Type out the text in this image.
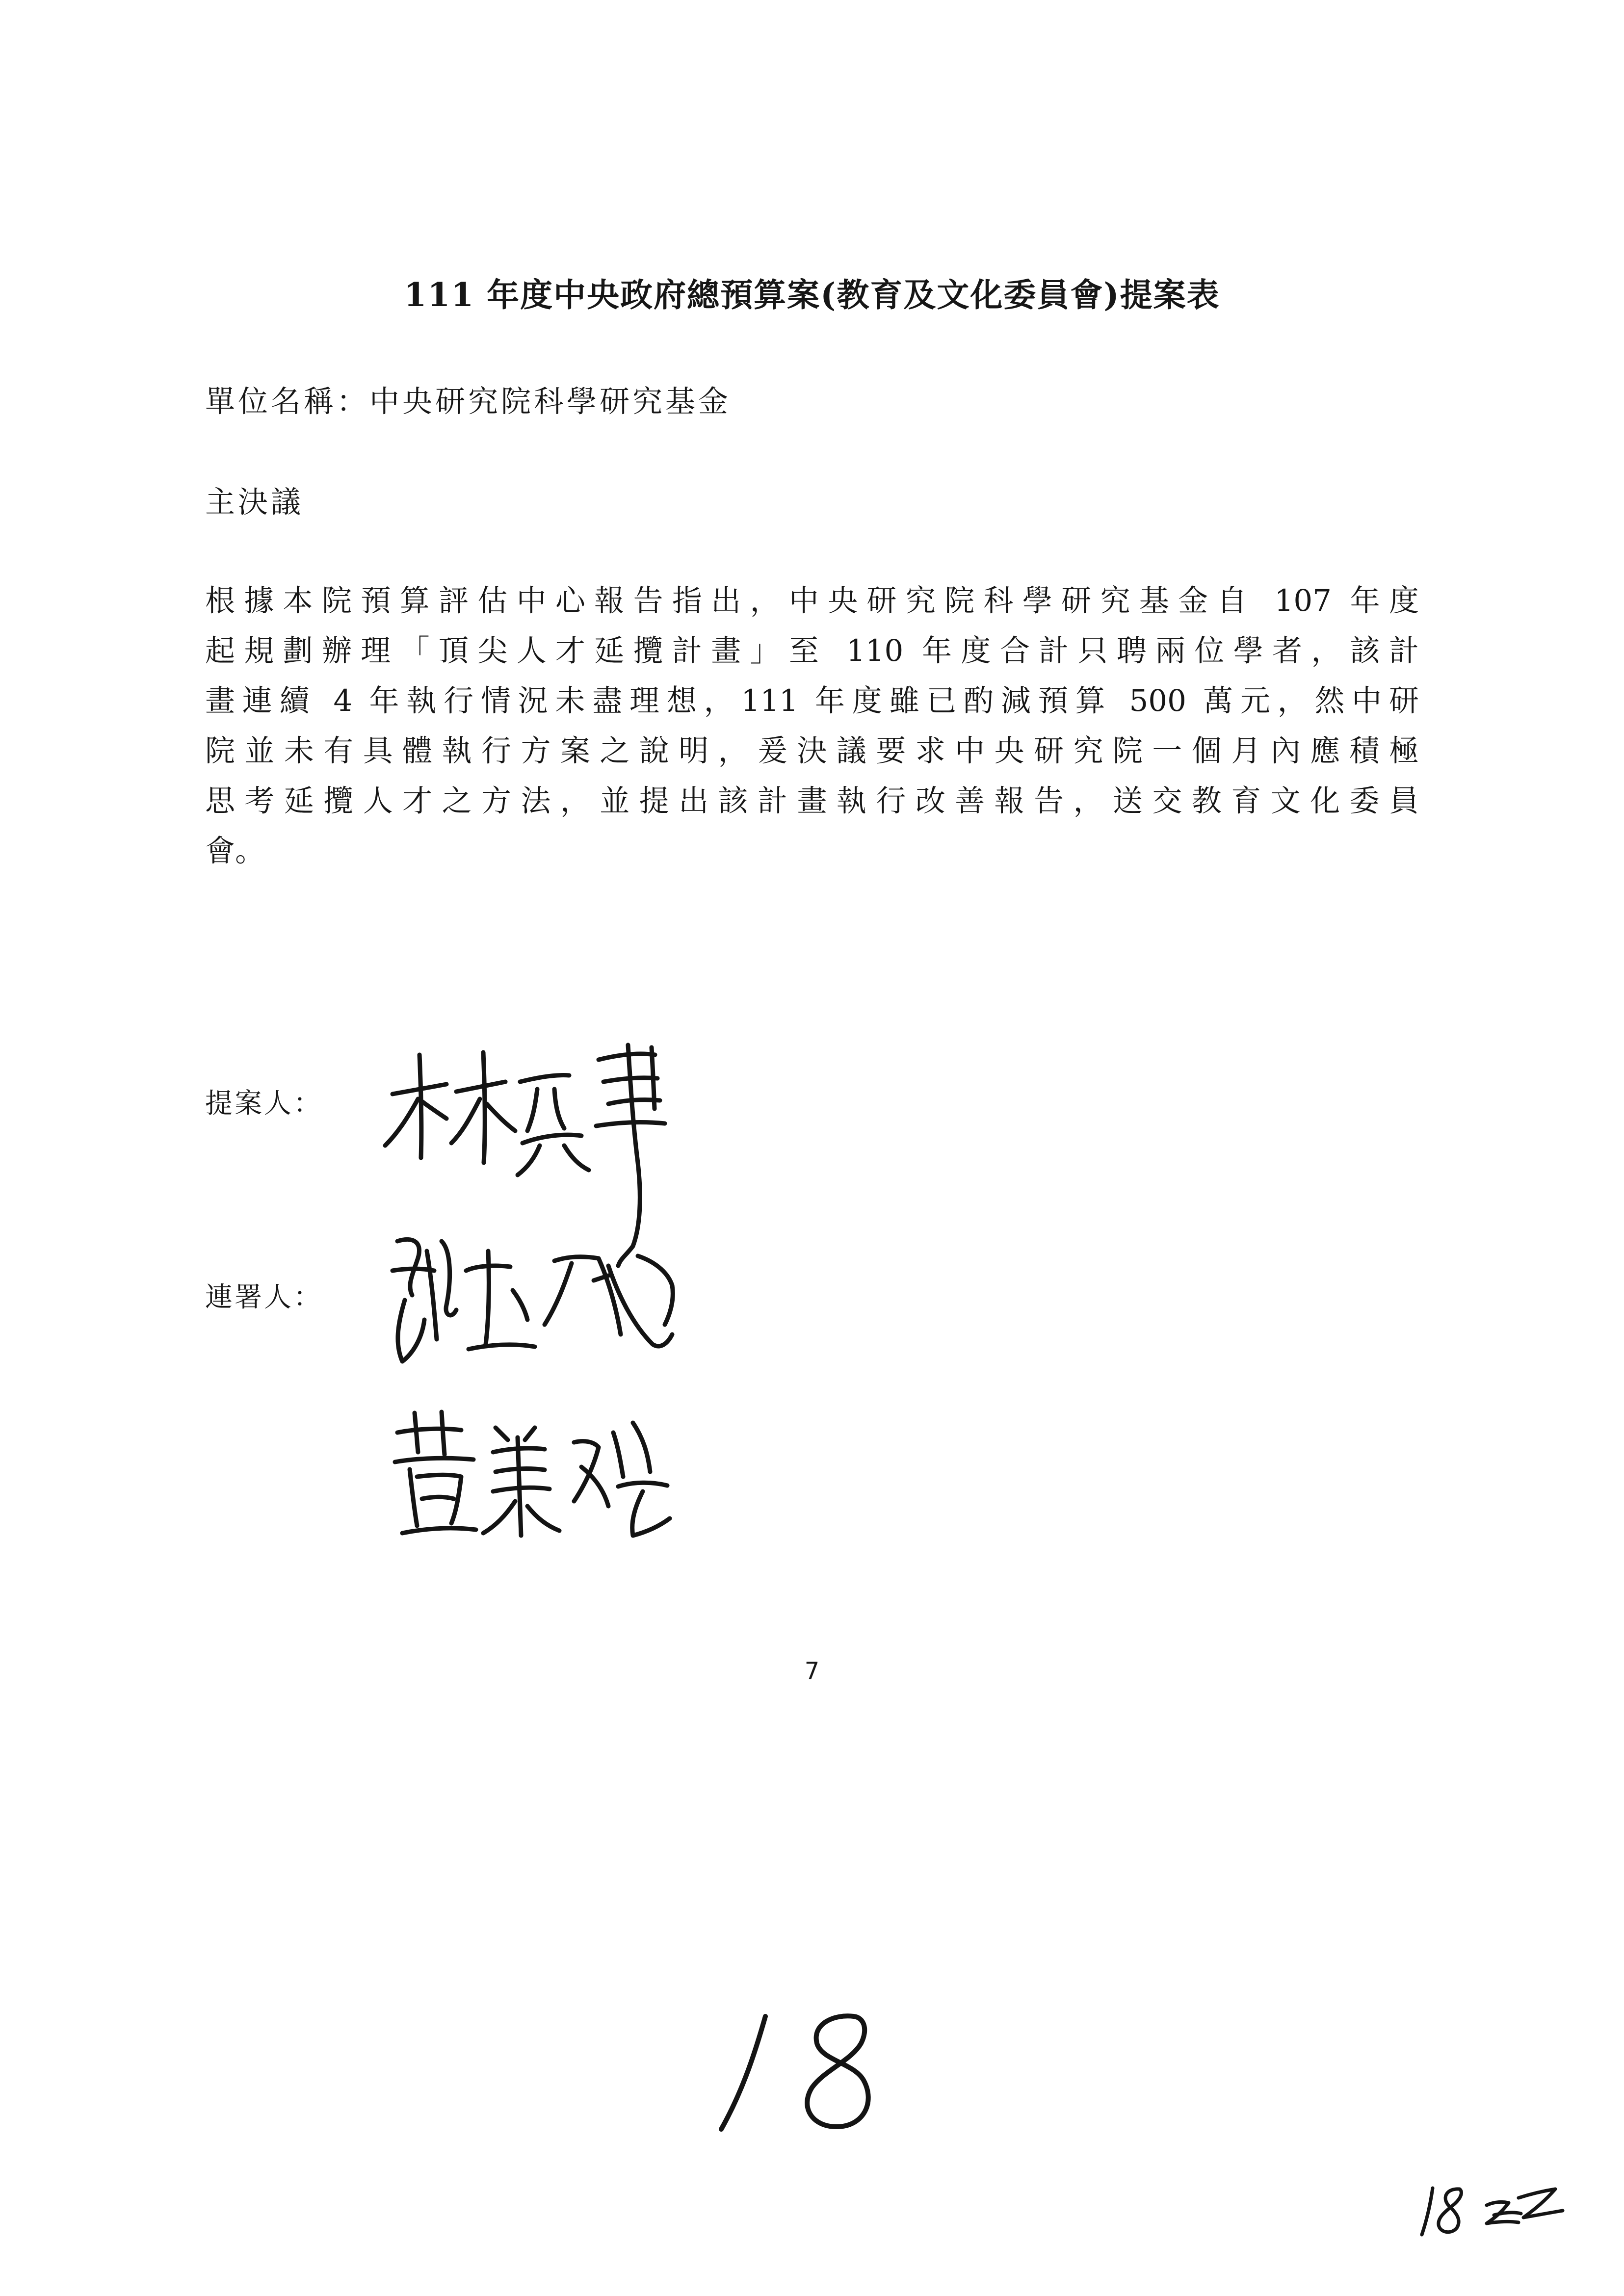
111 年度中央政府總預算案(教育及文化委員會)提案表
單位名稱：中央研究院科學研究基金
主決議
根據本院預算評估中心報告指出，中央研究院科學研究基金自 107 年度
起規劃辦理「頂尖人才延攬計畫」至 110 年度合計只聘兩位學者，該計
畫連續 4 年執行情況未盡理想，111 年度雖已酌減預算 500 萬元，然中研
院並未有具體執行方案之說明，爰決議要求中央研究院一個月內應積極
思考延攬人才之方法，並提出該計畫執行改善報告，送交教育文化委員
會。
提案人：
連署人：
7
